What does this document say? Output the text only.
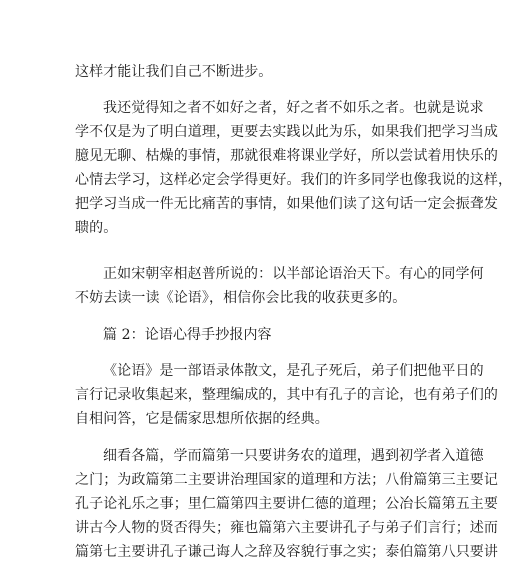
这样才能让我们自己不断进步。
我还觉得知之者不如好之者，好之者不如乐之者。也就是说求
学不仅是为了明白道理，更要去实践以此为乐，如果我们把学习当成
臆见无聊、枯燥的事情，那就很难将课业学好，所以尝试着用快乐的
心情去学习，这样必定会学得更好。我们的许多同学也像我说的这样，
把学习当成一件无比痛苦的事情，如果他们读了这句话一定会振聋发
聩的。
正如宋朝宰相赵普所说的：以半部论语治天下。有心的同学何
不妨去读一读《论语》，相信你会比我的收获更多的。
篇 2：论语心得手抄报内容
《论语》是一部语录体散文，是孔子死后，弟子们把他平日的
言行记录收集起来，整理编成的，其中有孔子的言论，也有弟子们的
自相问答，它是儒家思想所依据的经典。
细看各篇，学而篇第一只要讲务农的道理，遇到初学者入道德
之门；为政篇第二主要讲治理国家的道理和方法；八佾篇第三主要记
孔子论礼乐之事；里仁篇第四主要讲仁德的道理；公冶长篇第五主要
讲古今人物的贤否得失；雍也篇第六主要讲孔子与弟子们言行；述而
篇第七主要讲孔子谦己诲人之辞及容貌行事之实；泰伯篇第八只要讲
